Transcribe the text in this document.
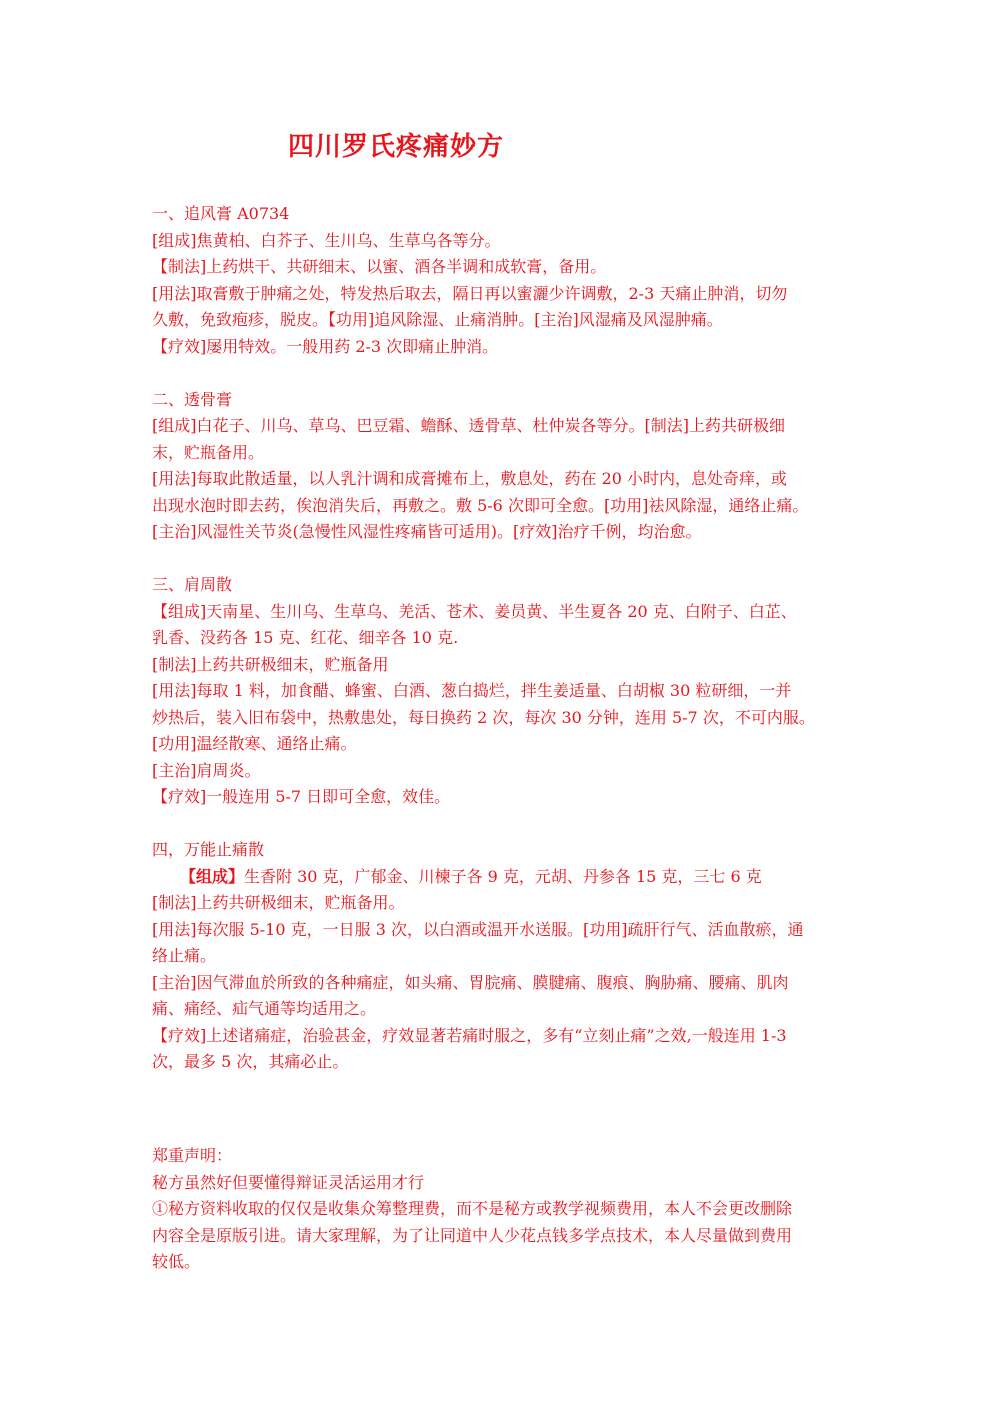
四川罗氏疼痛妙方
一、追风膏 A0734
[组成]焦黄柏、白芥子、生川乌、生草乌各等分。
【制法]上药烘干、共研细末、以蜜、酒各半调和成软膏，备用。
[用法]取膏敷于肿痛之处，特发热后取去，隔日再以蜜灑少许调敷，2-3 天痛止肿消，切勿
久敷，免致疱疹，脱皮。【功用]追风除湿、止痛消肿。[主治]风湿痛及风湿肿痛。
【疗效]屡用特效。一般用药 2-3 次即痛止肿消。
二、透骨膏
[组成]白花子、川乌、草乌、巴豆霜、蟾酥、透骨草、杜仲炭各等分。[制法]上药共研极细
末，贮瓶备用。
[用法]每取此散适量，以人乳汁调和成膏摊布上，敷息处，药在 20 小时内，息处奇痒，或
出现水泡时即去药，俟泡消失后，再敷之。敷 5-6 次即可全愈。[功用]祛风除湿，通络止痛。
[主治]风湿性关节炎(急慢性风湿性疼痛皆可适用)。[疗效]治疗千例，均治愈。
三、肩周散
【组成]天南星、生川乌、生草乌、羌活、苍术、姜员黄、半生夏各 20 克、白附子、白芷、
乳香、没药各 15 克、红花、细辛各 10 克.
[制法]上药共研极细末，贮瓶备用
[用法]每取 1 料，加食醋、蜂蜜、白酒、葱白捣烂，拌生姜适量、白胡椒 30 粒研细，一并
炒热后，装入旧布袋中，热敷患处，每日换药 2 次，每次 30 分钟，连用 5-7 次，不可内服。
[功用]温经散寒、通络止痛。
[主治]肩周炎。
【疗效]一般连用 5-7 日即可全愈，效佳。
四，万能止痛散
【组成】生香附 30 克，广郁金、川楝子各 9 克，元胡、丹参各 15 克，三七 6 克
[制法]上药共研极细末，贮瓶备用。
[用法]每次服 5-10 克，一日服 3 次，以白酒或温开水送服。[功用]疏肝行气、活血散瘀，通
络止痛。
[主治]因气滞血於所致的各种痛症，如头痛、胃脘痛、膜腱痛、腹痕、胸胁痛、腰痛、肌肉
痛、痛经、疝气通等均适用之。
【疗效]上述诸痛症，治验甚金，疗效显著若痛时服之，多有“立刻止痛”之效,一般连用 1-3
次，最多 5 次，其痛必止。
郑重声明：
秘方虽然好但要懂得辩证灵活运用才行
①秘方资料收取的仅仅是收集众筹整理费，而不是秘方或教学视频费用，本人不会更改删除
内容全是原版引进。请大家理解，为了让同道中人少花点钱多学点技术，本人尽量做到费用
较低。
